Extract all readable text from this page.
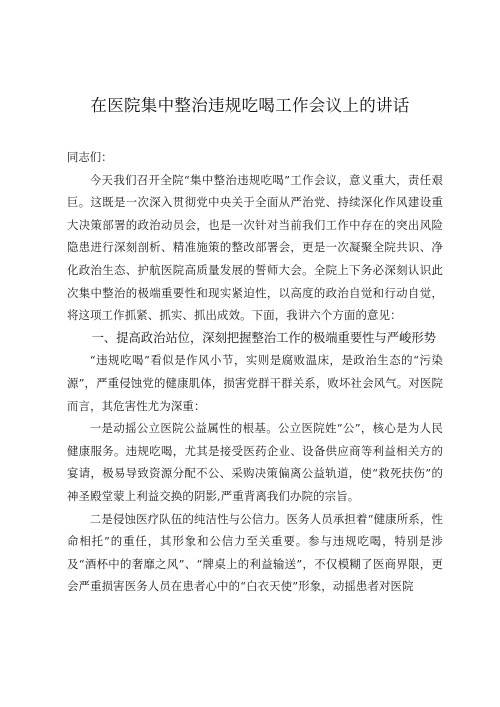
在医院集中整治违规吃喝工作会议上的讲话

同志们：

今天我们召开全院“集中整治违规吃喝”工作会议，意义重大，责任艰巨。这既是一次深入贯彻党中央关于全面从严治党、持续深化作风建设重大决策部署的政治动员会，也是一次针对当前我们工作中存在的突出风险隐患进行深刻剖析、精准施策的整改部署会，更是一次凝聚全院共识、净化政治生态、护航医院高质量发展的誓师大会。全院上下务必深刻认识此次集中整治的极端重要性和现实紧迫性，以高度的政治自觉和行动自觉，将这项工作抓紧、抓实、抓出成效。下面，我讲六个方面的意见：

一、提高政治站位，深刻把握整治工作的极端重要性与严峻形势

“违规吃喝”看似是作风小节，实则是腐败温床，是政治生态的“污染源”，严重侵蚀党的健康肌体，损害党群干群关系，败坏社会风气。对医院而言，其危害性尤为深重：

一是动摇公立医院公益属性的根基。公立医院姓“公”，核心是为人民健康服务。违规吃喝，尤其是接受医药企业、设备供应商等利益相关方的宴请，极易导致资源分配不公、采购决策偏离公益轨道，使“救死扶伤”的神圣殿堂蒙上利益交换的阴影,严重背离我们办院的宗旨。

二是侵蚀医疗队伍的纯洁性与公信力。医务人员承担着“健康所系，性命相托”的重任，其形象和公信力至关重要。参与违规吃喝，特别是涉及“酒杯中的奢靡之风”、“牌桌上的利益输送”，不仅模糊了医商界限，更会严重损害医务人员在患者心中的“白衣天使”形象，动摇患者对医院
